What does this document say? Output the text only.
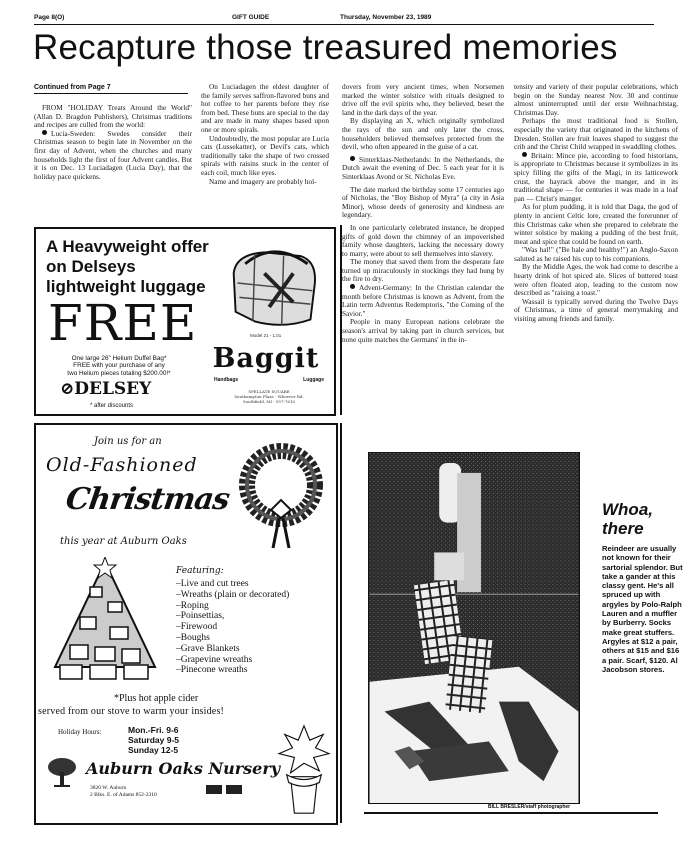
Page 8(O)	GIFT GUIDE	Thursday, November 23, 1989
Recapture those treasured memories
Continued from Page 7

FROM "HOLIDAY Treats Around the World" (Allan D. Bragdon Publishers), Christmas traditions and recipes are culled from the world:

Lucia-Sweden: Swedes consider their Christmas season to begin late in November on the first day of Advent, when the churches and many households light the first of four Advent candles. But it is on Dec. 13 Luciadagen (Lucia Day), that the holiday pace quickens.

On Luciadagen the eldest daughter of the family serves saffron-flavored buns and hot coffee to her parents before they rise from bed. These buns are special to the day and are made in many shapes based upon one or more spirals.

Undoubtedly, the most popular are Lucia cats (Lussekatter), or Devil's cats, which traditionally take the shape of two crossed spirals with raisins stuck in the center of each coil, much like eyes.

Name and imagery are probably hol-

dovers from very ancient times, when Norsemen marked the winter solstice with rituals designed to drive off the evil spirits who, they believed, beset the land in the dark days of the year.

By displaying an X, which originally symbolized the rays of the sun and only later the cross, householders believed themselves protected from the devil, who often appeared in the guise of a cat.

Sinterklaas-Netherlands: In the Netherlands, the Dutch await the evening of Dec. 5 each year for it is Sinterklaas Avond or St. Nicholas Eve.

The date marked the birthday some 17 centuries ago of Nicholas, the "Boy Bishop of Myra" (a city in Asia Minor), whose deeds of generosity and kindness are legendary.

In one particularly celebrated instance, he dropped gifts of gold down the chimney of an impoverished family whose daughters, lacking the necessary dowry to marry, were about to sell themselves into slavery.

The money that saved them from the desperate fate turned up miraculously in stockings they had hung by the fire to dry.

Advent-Germany: In the Christian calendar the month before Christmas is known as Advent, from the Latin term Adventus Redemptoris, "the Coming of the Savior."

People in many European nations celebrate the season's arrival by taking part in church services, but none quite matches the Germans' in the in-

tensity and variety of their popular celebrations, which begin on the Sunday nearest Nov. 30 and continue almost uninterrupted until der erste Weihnachtstag, Christmas Day.

Perhaps the most traditional food is Stollen, especially the variety that originated in the kitchens of Dresden. Stollen are fruit loaves shaped to suggest the crib and the Christ Child wrapped in swaddling clothes.

Britain: Mince pie, according to food historians, is appropriate to Christmas because it symbolizes in its spicy filling the gifts of the Magi, in its latticework crust, the hayrack above the manger, and in its traditional shape — for centuries it was made in a loaf pan — Christ's manger.

As for plum pudding, it is told that Daga, the god of plenty in ancient Celtic lore, created the forerunner of this Christmas cake when she prepared to celebrate the winter solstice by making a pudding of the best fruit, meat and spice that could be found on earth.

"Was hal!" ("Be hale and healthy!") an Anglo-Saxon saluted as he raised his cup to his companions.

By the Middle Ages, the wok had come to describe a hearty drink of hot spiced ale. Slices of buttered toast were often floated atop, leading to the custom now described as "raising a toast."

Wassail is typically served during the Twelve Days of Christmas, a time of general merrymaking and visiting among friends and family.

A Heavyweight offer
on Delseys
lightweight luggage
FREE
One large 26" Helium Duffel Bag*
FREE with your purchase of any
two Helium pieces totaling $200.00!*
⊘DELSEY
* after discounts
Model 21 - 1.01
Baggit
Handbags	Luggage
SPELLATE SQUARE
Southampton Plaza - Whoever Rd.
Southfield, MI - 557-7610
Join us for an
Old-Fashioned
Christmas
this year at Auburn Oaks
Featuring:
–Live and cut trees
–Wreaths (plain or decorated)
–Roping
–Poinsettias,
–Firewood
–Boughs
–Grave Blankets
–Grapevine wreaths
–Pinecone wreaths
*Plus hot apple cider
served from our stove to warm your insides!
Holiday Hours:	Mon.-Fri. 9-6
Saturday 9-5
Sunday 12-5
Auburn Oaks Nursery
3820 W. Auburn
2 Blks. E. of Adams 852-2310
BILL BRESLER/staff photographer
Whoa,
there
Reindeer are usually not known for their sartorial splendor. But take a gander at this classy gent. He's all spruced up with argyles by Polo-Ralph Lauren and a muffler by Burberry. Socks make great stuffers. Argyles at $12 a pair, others at $15 and $16 a pair. Scarf, $120. Al Jacobson stores.
